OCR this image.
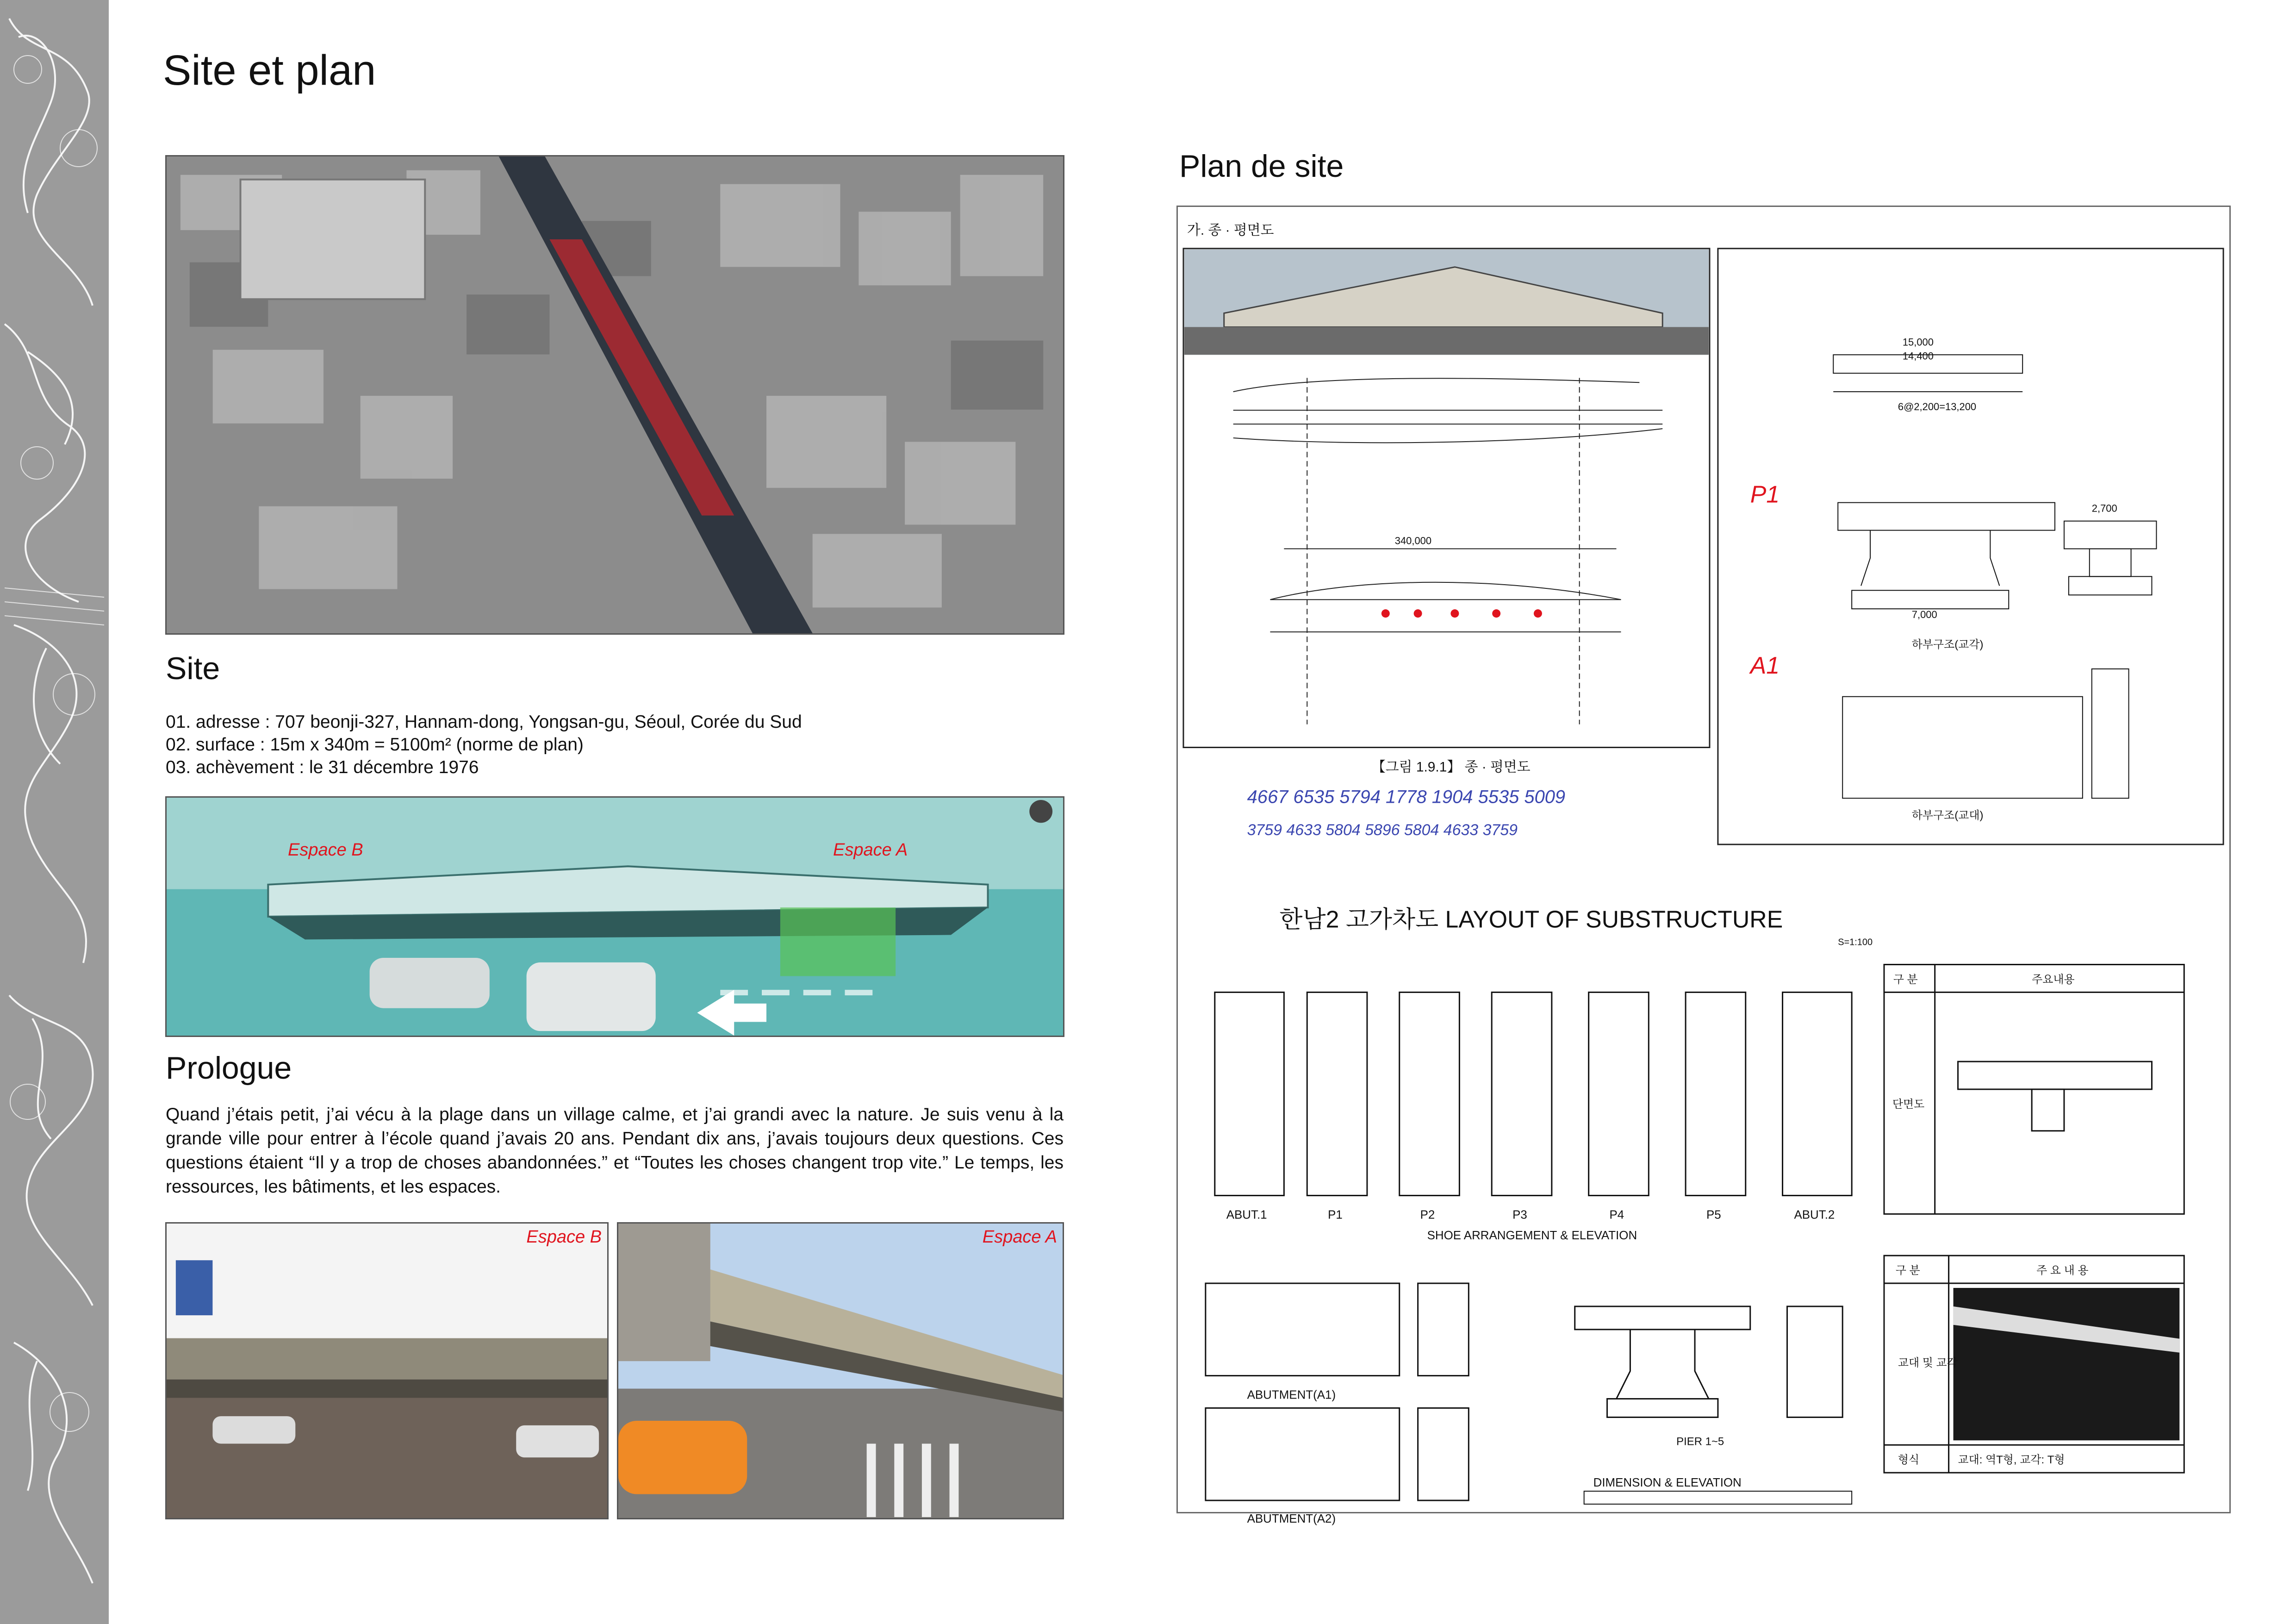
Site et plan
Site
01. adresse : 707 beonji-327, Hannam-dong, Yongsan-gu, Séoul, Corée du Sud
02. surface : 15m x 340m = 5100m² (norme de plan)
03. achèvement : le 31 décembre 1976
Espace B	Espace A
Prologue

Quand j’étais petit, j’ai vécu à la plage dans un village calme, et j’ai grandi avec la nature. Je suis venu à la grande ville pour entrer à l’école quand j’avais 20 ans. Pendant dix ans, j’avais toujours deux questions. Ces questions étaient “Il y a trop de choses abandonnées.” et “Toutes les choses changent trop vite.” Le temps, les ressources, les bâtiments, et les espaces.

Espace B	Espace A
Plan de site
가. 종 · 평면도
340,000
【그림 1.9.1】 종 · 평면도
4667 6535 5794 1778 1904 5535 5009
3759 4633 5804 5896 5804 4633 3759
15,000
14,400
6@2,200=13,200
2,700
7,000
P1
A1
하부구조(교각)
하부구조(교대)
한남2 고가차도 LAYOUT OF SUBSTRUCTURE
S=1:100
ABUT.1	P1	P2	P3	P4	P5	ABUT.2
SHOE ARRANGEMENT & ELEVATION
구 분	주요내용
단면도
ABUTMENT(A1)
ABUTMENT(A2)
PIER 1~5
DIMENSION & ELEVATION
구 분	주 요 내 용
교대 및 교각
형식	교대: 역T형, 교각: T형
